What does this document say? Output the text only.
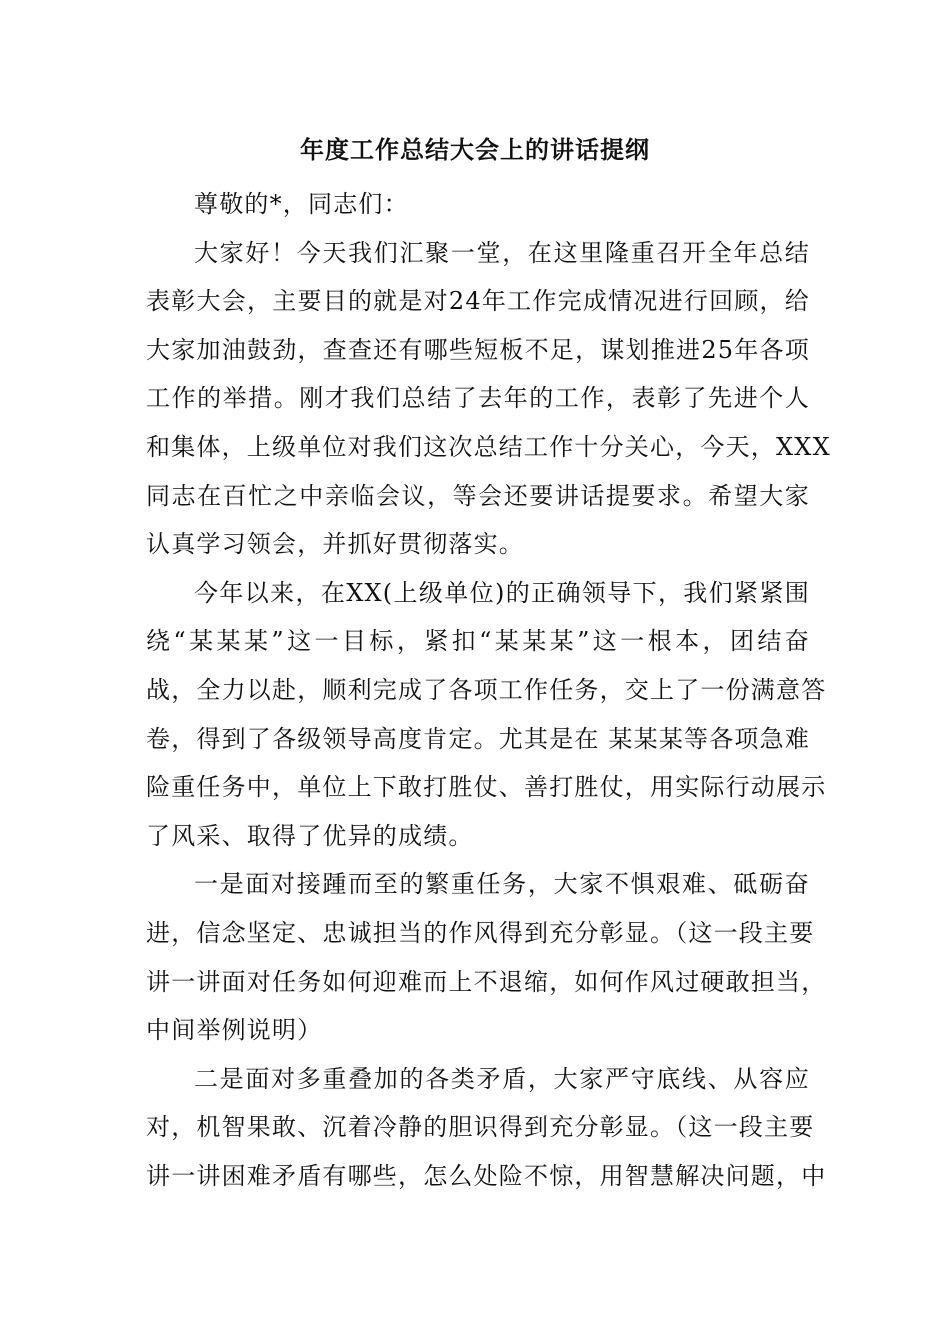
年度工作总结大会上的讲话提纲

尊敬的*，同志们：

大家好！今天我们汇聚一堂，在这里隆重召开全年总结
表彰大会，主要目的就是对24年工作完成情况进行回顾，给
大家加油鼓劲，查查还有哪些短板不足，谋划推进25年各项
工作的举措。刚才我们总结了去年的工作，表彰了先进个人
和集体，上级单位对我们这次总结工作十分关心，今天，XXX
同志在百忙之中亲临会议，等会还要讲话提要求。希望大家
认真学习领会，并抓好贯彻落实。
今年以来，在XX(上级单位)的正确领导下，我们紧紧围
绕“某某某”这一目标，紧扣“某某某”这一根本，团结奋
战，全力以赴，顺利完成了各项工作任务，交上了一份满意答
卷，得到了各级领导高度肯定。尤其是在 某某某等各项急难
险重任务中，单位上下敢打胜仗、善打胜仗，用实际行动展示
了风采、取得了优异的成绩。
一是面对接踵而至的繁重任务，大家不惧艰难、砥砺奋
进，信念坚定、忠诚担当的作风得到充分彰显。（这一段主要
讲一讲面对任务如何迎难而上不退缩，如何作风过硬敢担当，
中间举例说明）
二是面对多重叠加的各类矛盾，大家严守底线、从容应
对，机智果敢、沉着冷静的胆识得到充分彰显。（这一段主要
讲一讲困难矛盾有哪些，怎么处险不惊，用智慧解决问题，中
